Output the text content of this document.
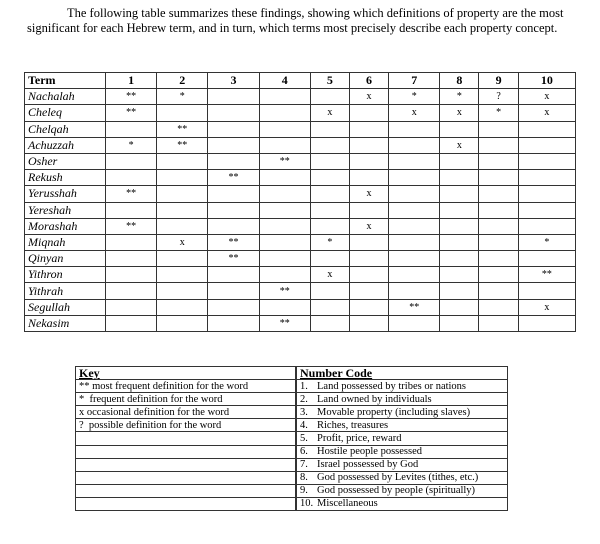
The following table summarizes these findings, showing which definitions of property are the most significant for each Hebrew term, and in turn, which terms most precisely describe each property concept.

Term	1	2	3	4	5	6	7	8	9	10
Nachalah	**	*				x	*	*	?	x
Cheleq	**				x		x	x	*	x
Chelqah		**								
Achuzzah	*	**						x		
Osher				**						
Rekush			**							
Yerusshah	**					x				
Yereshah										
Morashah	**					x				
Miqnah		x	**		*					*
Qinyan			**							
Yithron					x					**
Yithrah				**						
Segullah							**			x
Nekasim				**						
Key
** most frequent definition for the word
*  frequent definition for the word
x occasional definition for the word
?  possible definition for the word

Number Code	
1.	Land possessed by tribes or nations
2.	Land owned by individuals
3.	Movable property (including slaves)
4.	Riches, treasures
5.	Profit, price, reward
6.	Hostile people possessed
7.	Israel possessed by God
8.	God possessed by Levites (tithes, etc.)
9.	God possessed by people (spiritually)
10.	Miscellaneous
